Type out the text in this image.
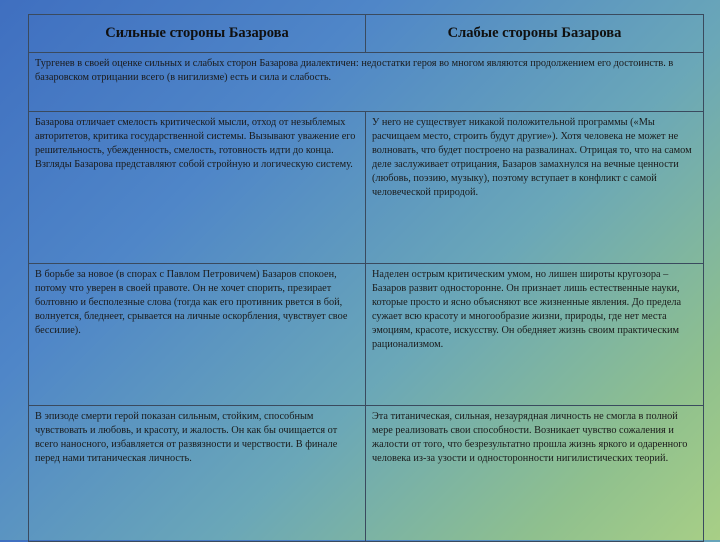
Сильные стороны Базарова	Слабые стороны Базарова
Тургенев в своей оценке сильных и слабых сторон Базарова диалектичен: недостатки героя во многом являются продолжением его достоинств. в базаровском отрицании всего (в нигилизме) есть и сила и слабость.
Базарова отличает смелость критической мысли, отход от незыблемых авторитетов, критика государственной системы. Вызывают уважение его решительность, убежденность, смелость, готовность идти до конца. Взгляды Базарова представляют собой стройную и логическую систему.
У него не существует никакой положительной программы («Мы расчищаем место, строить будут другие»). Хотя человека не может не волновать, что будет построено на развалинах. Отрицая то, что на самом деле заслуживает отрицания, Базаров замахнулся на вечные ценности (любовь, поэзию, музыку), поэтому вступает в конфликт с самой человеческой природой.
В борьбе за новое (в спорах с Павлом Петровичем) Базаров спокоен, потому что уверен в своей правоте. Он не хочет спорить, презирает болтовню и бесполезные слова (тогда как его противник рвется в бой, волнуется, бледнеет, срывается на личные оскорбления, чувствует свое бессилие).
Наделен острым критическим умом, но лишен широты кругозора – Базаров развит односторонне. Он признает лишь естественные науки, которые просто и ясно объясняют все жизненные явления. До предела сужает всю красоту и многообразие жизни, природы, где нет места эмоциям, красоте, искусству. Он обедняет жизнь своим практическим рационализмом.
В эпизоде смерти герой показан сильным, стойким, способным чувствовать и любовь, и красоту, и жалость. Он как бы очищается от всего наносного, избавляется от развязности и черствости. В финале перед нами титаническая личность.
Эта титаническая, сильная, незаурядная личность не смогла в полной мере реализовать свои способности. Возникает чувство сожаления и жалости от того, что безрезультатно прошла жизнь яркого и одаренного человека из-за узости и односторонности нигилистических теорий.
